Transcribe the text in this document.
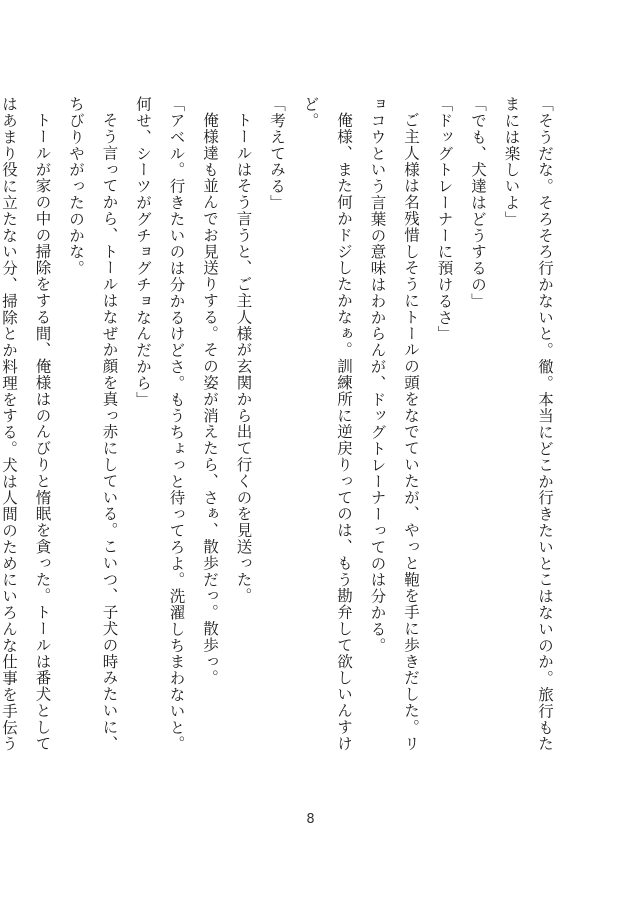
「そうだな。そろそろ行かないと。徹。本当にどこか行きたいとこはないのか。旅行もたまには楽しいよ」

「でも、犬達はどうするの」

「ドッグトレーナーに預けるさ」

ご主人様は名残惜しそうにトールの頭をなでていたが、やっと鞄を手に歩きだした。リョコウという言葉の意味はわからんが、ドッグトレーナーってのは分かる。

俺様、また何かドジしたかなぁ。訓練所に逆戻りってのは、もう勘弁して欲しいんすけど。

「考えてみる」

トールはそう言うと、ご主人様が玄関から出て行くのを見送った。

俺様達も並んでお見送りする。その姿が消えたら、さぁ、散歩だっ。散歩っ。

「アベル。行きたいのは分かるけどさ。もうちょっと待ってろよ。洗濯しちまわないと。何せ、シーツがグチョグチョなんだから」

そう言ってから、トールはなぜか顔を真っ赤にしている。こいつ、子犬の時みたいに、ちびりやがったのかな。

トールが家の中の掃除をする間、俺様はのんびりと惰眠を貪った。トールは番犬としてはあまり役に立たない分、掃除とか料理をする。犬は人間のためにいろんな仕事を手伝う

8
